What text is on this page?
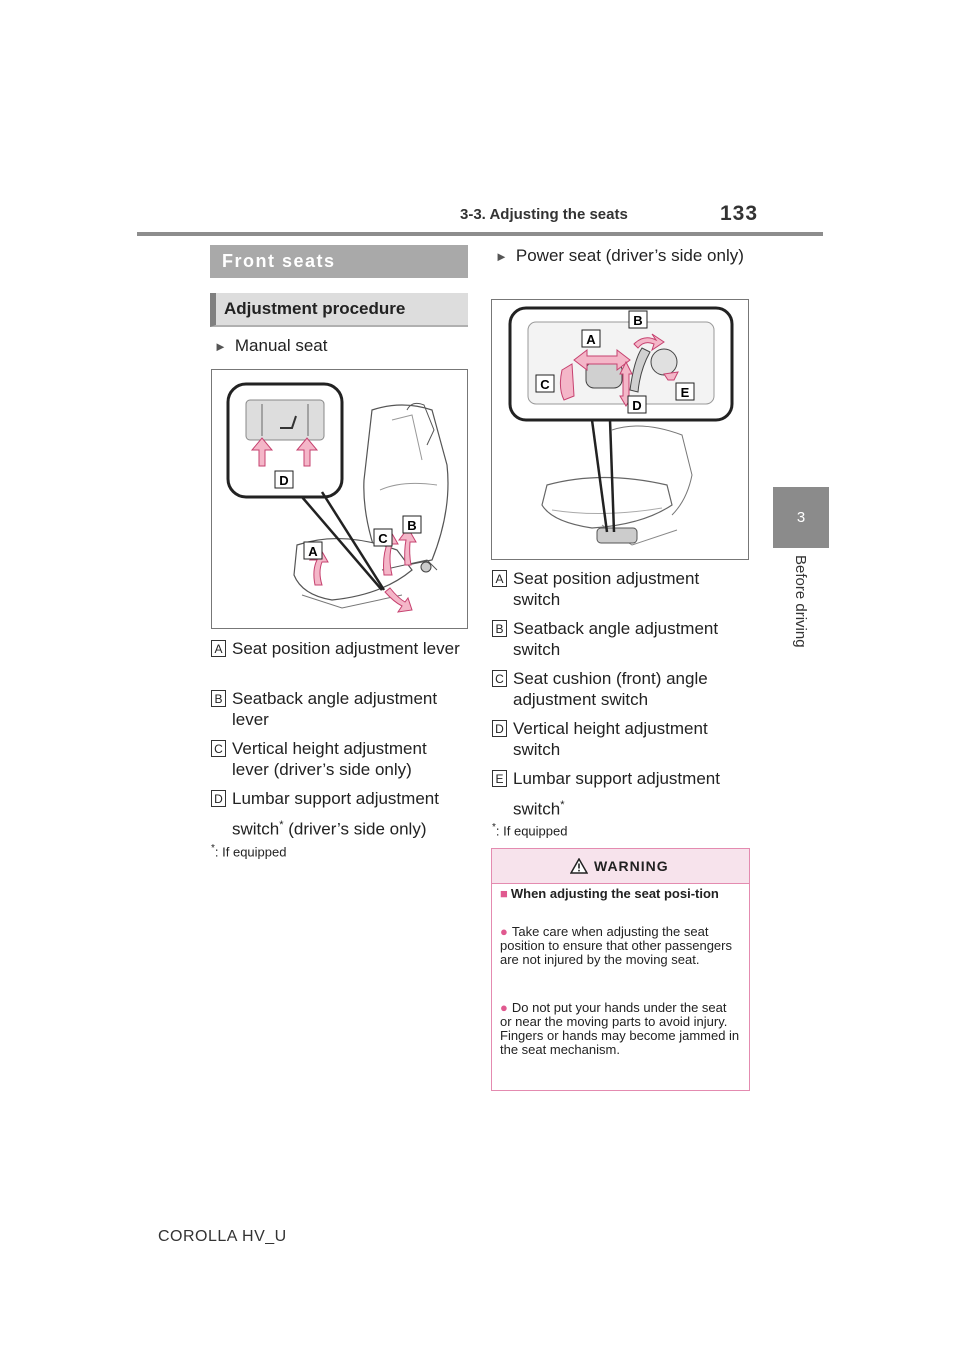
3-3. Adjusting the seats	133
3
Before driving
Front seats
Adjustment procedure
► Manual seat
D
A
C
B
A Seat position adjustment lever
B Seatback angle adjustment lever
C Vertical height adjustment lever (driver’s side only)
D Lumbar support adjustment switch* (driver’s side only)
*: If equipped
► Power seat (driver’s side only)
A
B
C
D
E
A Seat position adjustment switch
B Seatback angle adjustment switch
C Seat cushion (front) angle adjustment switch
D Vertical height adjustment switch
E Lumbar support adjustment switch*
*: If equipped
WARNING
■ When adjusting the seat posi-tion
● Take care when adjusting the seat position to ensure that other passengers are not injured by the moving seat.
● Do not put your hands under the seat or near the moving parts to avoid injury. Fingers or hands may become jammed in the seat mechanism.
COROLLA HV_U
